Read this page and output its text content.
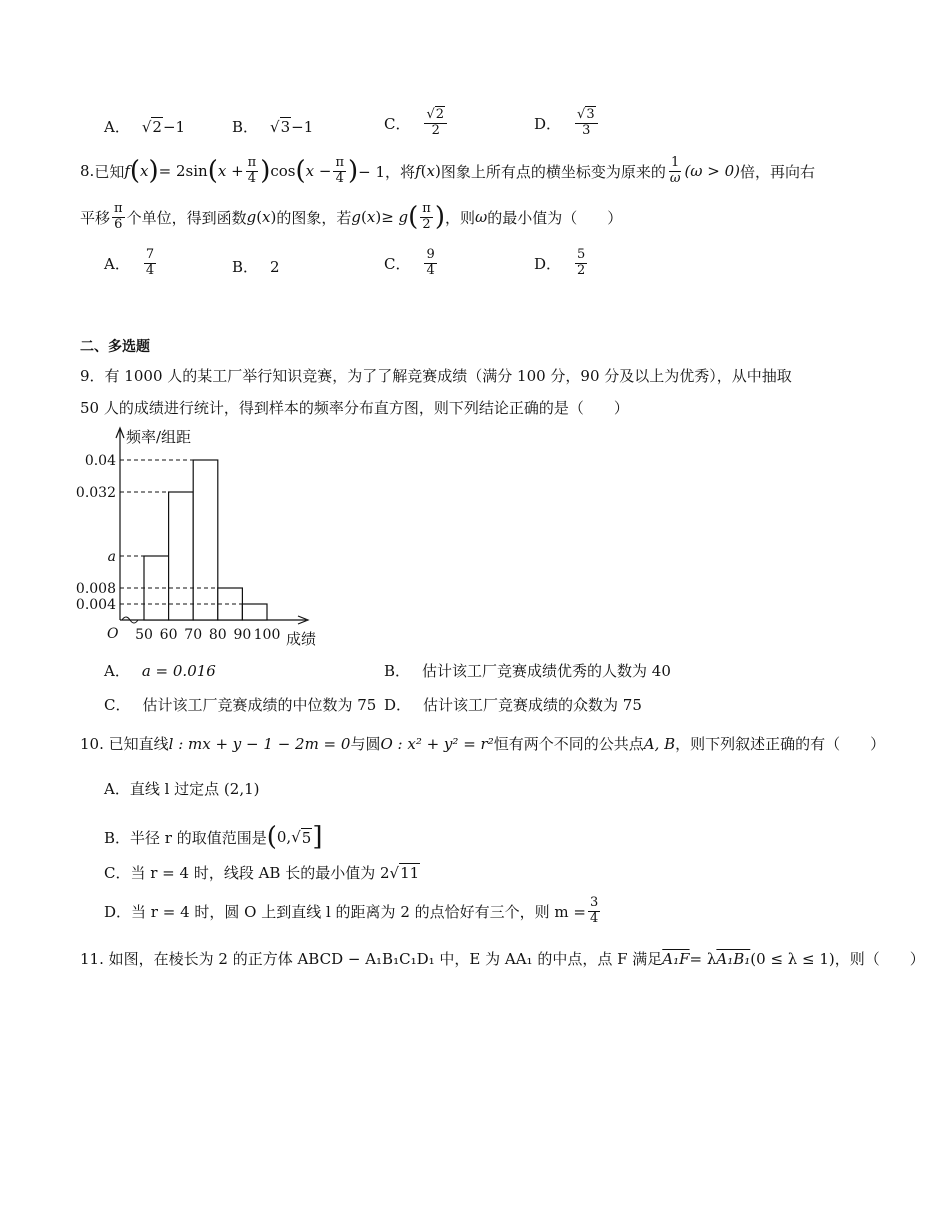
A． √ 2 −1	B． √ 3 −1	C． $\frac{√2}{2}$	D． $\frac{√3}{3}$
8. 已知 f ( x ) = 2sin ( $x + \frac{\pi}{4}$ ) cos ( $x - \frac{\pi}{4}$ ) − 1，将 f ( x ) 图象上所有点的横坐标变为原来的 $\frac{1}{\omega} (\omega > 0)$ 倍，再向右
平移 $\frac{\pi}{6}$ 个单位，得到函数 g ( x ) 的图象，若 g ( x ) ≥ g ( $\frac{\pi}{2}$ ) ，则 ω 的最小值为（　　）
A． $\frac{7}{4}$	B． 2	C． $\frac{9}{4}$	D． $\frac{5}{2}$
二、多选题
9．有 1000 人的某工厂举行知识竞赛，为了了解竞赛成绩（满分 100 分，90 分及以上为优秀），从中抽取
50 人的成绩进行统计，得到样本的频率分布直方图，则下列结论正确的是（　　）
频率/组距
成绩
O
0.04
0.032
a
0.008
0.004
50 60 70 80 90 100
A． a = 0.016	B． 估计该工厂竞赛成绩优秀的人数为 40
C． 估计该工厂竞赛成绩的中位数为 75 D． 估计该工厂竞赛成绩的众数为 75
10. 已知直线 l : mx + y − 1 − 2m = 0 与圆 O : x² + y² = r² 恒有两个不同的公共点 A, B ，则下列叙述正确的有（　　）
A．直线 l 过定点 (2,1)
B．半径 r 的取值范围是 ( 0, √ 5 ]
C．当 r = 4 时，线段 AB 长的最小值为 2 √ 11
D．当 r = 4 时，圆 O 上到直线 l 的距离为 2 的点恰好有三个，则 $m = \frac{3}{4}$
11. 如图，在棱长为 2 的正方体 ABCD − A₁B₁C₁D₁ 中，E 为 AA₁ 的中点，点 F 满足 A₁F = λ A₁B₁ (0 ≤ λ ≤ 1)，则（　　）
